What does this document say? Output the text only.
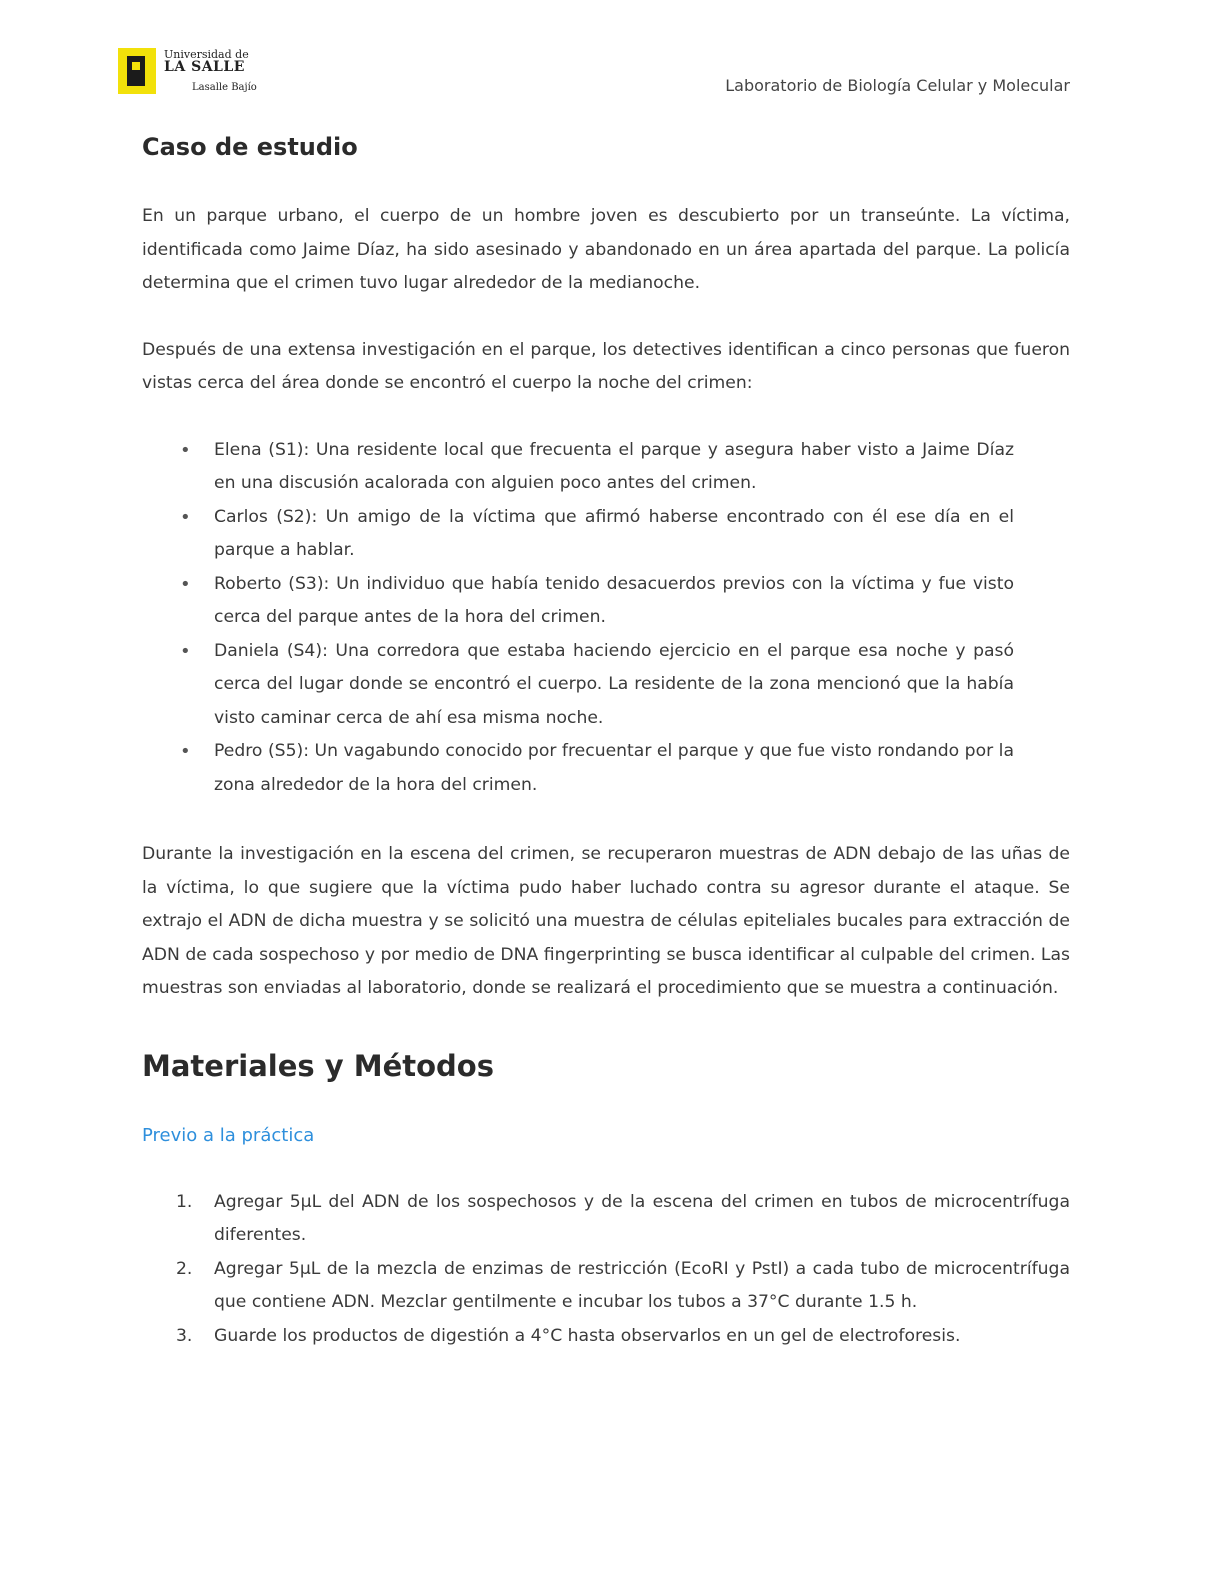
Universidad de
LA SALLE
Lasalle Bajío	Laboratorio de Biología Celular y Molecular
Caso de estudio

En un parque urbano, el cuerpo de un hombre joven es descubierto por un transeúnte. La víctima, identificada como Jaime Díaz, ha sido asesinado y abandonado en un área apartada del parque. La policía determina que el crimen tuvo lugar alrededor de la medianoche.

Después de una extensa investigación en el parque, los detectives identifican a cinco personas que fueron vistas cerca del área donde se encontró el cuerpo la noche del crimen:

• Elena (S1): Una residente local que frecuenta el parque y asegura haber visto a Jaime Díaz en una discusión acalorada con alguien poco antes del crimen.
• Carlos (S2): Un amigo de la víctima que afirmó haberse encontrado con él ese día en el parque a hablar.
• Roberto (S3): Un individuo que había tenido desacuerdos previos con la víctima y fue visto cerca del parque antes de la hora del crimen.
• Daniela (S4): Una corredora que estaba haciendo ejercicio en el parque esa noche y pasó cerca del lugar donde se encontró el cuerpo. La residente de la zona mencionó que la había visto caminar cerca de ahí esa misma noche.
• Pedro (S5): Un vagabundo conocido por frecuentar el parque y que fue visto rondando por la zona alrededor de la hora del crimen.

Durante la investigación en la escena del crimen, se recuperaron muestras de ADN debajo de las uñas de la víctima, lo que sugiere que la víctima pudo haber luchado contra su agresor durante el ataque. Se extrajo el ADN de dicha muestra y se solicitó una muestra de células epiteliales bucales para extracción de ADN de cada sospechoso y por medio de DNA fingerprinting se busca identificar al culpable del crimen. Las muestras son enviadas al laboratorio, donde se realizará el procedimiento que se muestra a continuación.

Materiales y Métodos
Previo a la práctica
1. Agregar 5µL del ADN de los sospechosos y de la escena del crimen en tubos de microcentrífuga diferentes.
2. Agregar 5µL de la mezcla de enzimas de restricción (EcoRI y PstI) a cada tubo de microcentrífuga que contiene ADN. Mezclar gentilmente e incubar los tubos a 37°C durante 1.5 h.
3. Guarde los productos de digestión a 4°C hasta observarlos en un gel de electroforesis.
